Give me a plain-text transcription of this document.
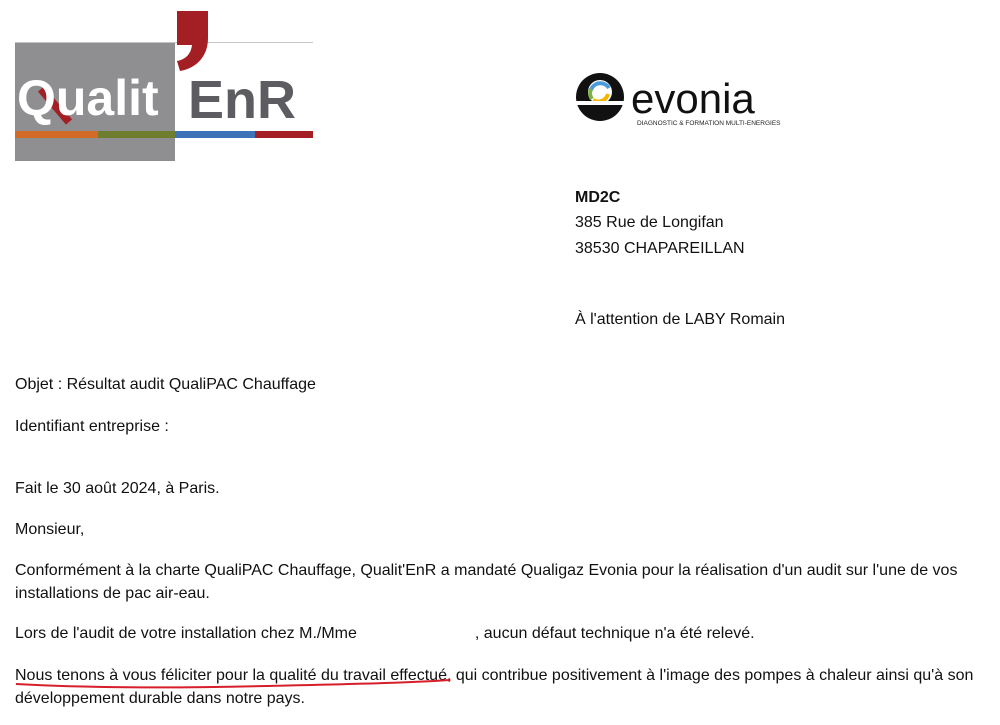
Qualit EnR	evonia
DIAGNOSTIC & FORMATION MULTI-ENERGIES
MD2C
385 Rue de Longifan
38530 CHAPAREILLAN
À l'attention de LABY Romain
Objet : Résultat audit QualiPAC Chauffage
Identifiant entreprise :
Fait le 30 août 2024, à Paris.
Monsieur,
Conformément à la charte QualiPAC Chauffage, Qualit'EnR a mandaté Qualigaz Evonia pour la réalisation d'un audit sur l'une de vos installations de pac air-eau.
Lors de l'audit de votre installation chez M./Mme	, aucun défaut technique n'a été relevé.
Nous tenons à vous féliciter pour la qualité du travail effectué,
qui contribue positivement à l'image des pompes à chaleur ainsi qu'à son développement durable dans notre pays.
